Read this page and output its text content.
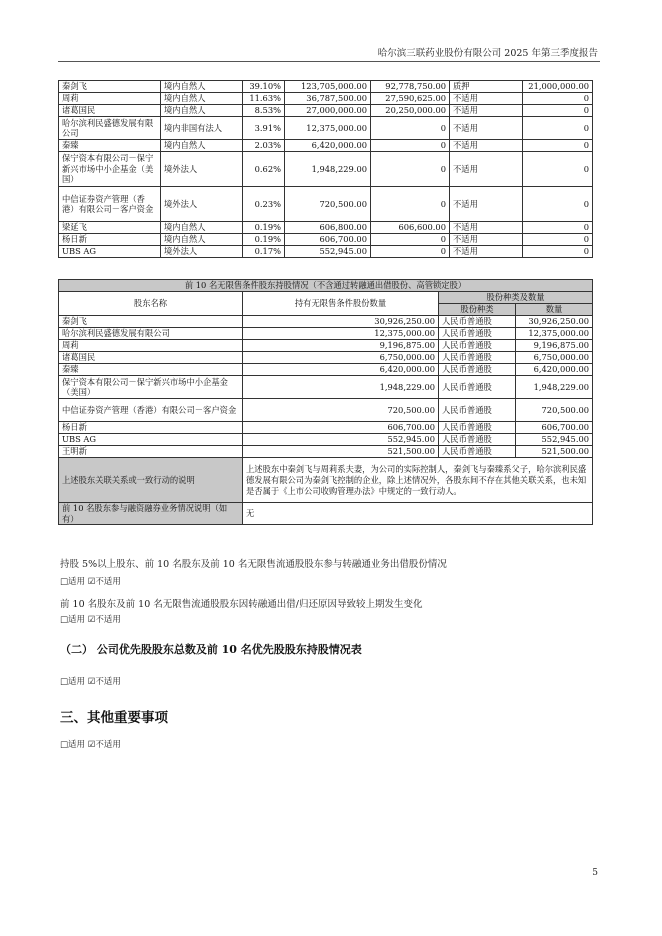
哈尔滨三联药业股份有限公司 2025 年第三季度报告
秦剑飞	境内自然人	39.10%	123,705,000.00	92,778,750.00	质押	21,000,000.00
周莉	境内自然人	11.63%	36,787,500.00	27,590,625.00	不适用	0
诸葛国民	境内自然人	8.53%	27,000,000.00	20,250,000.00	不适用	0
哈尔滨利民盛德发展有限公司	境内非国有法人	3.91%	12,375,000.00	0	不适用	0
秦臻	境内自然人	2.03%	6,420,000.00	0	不适用	0
保宁资本有限公司－保宁新兴市场中小企基金（美国）	境外法人	0.62%	1,948,229.00	0	不适用	0
中信证券资产管理（香港）有限公司－客户资金	境外法人	0.23%	720,500.00	0	不适用	0
梁延飞	境内自然人	0.19%	606,800.00	606,600.00	不适用	0
杨日新	境内自然人	0.19%	606,700.00	0	不适用	0
UBS AG	境外法人	0.17%	552,945.00	0	不适用	0
前 10 名无限售条件股东持股情况（不含通过转融通出借股份、高管锁定股）			
股东名称	持有无限售条件股份数量	股份种类及数量	
		股份种类	数量
秦剑飞	30,926,250.00	人民币普通股	30,926,250.00
哈尔滨利民盛德发展有限公司	12,375,000.00	人民币普通股	12,375,000.00
周莉	9,196,875.00	人民币普通股	9,196,875.00
诸葛国民	6,750,000.00	人民币普通股	6,750,000.00
秦臻	6,420,000.00	人民币普通股	6,420,000.00
保宁资本有限公司－保宁新兴市场中小企基金（美国）	1,948,229.00	人民币普通股	1,948,229.00
中信证券资产管理（香港）有限公司－客户资金	720,500.00	人民币普通股	720,500.00
杨日新	606,700.00	人民币普通股	606,700.00
UBS AG	552,945.00	人民币普通股	552,945.00
王明新	521,500.00	人民币普通股	521,500.00
上述股东关联关系或一致行动的说明	上述股东中秦剑飞与周莉系夫妻，为公司的实际控制人，秦剑飞与秦臻系父子，哈尔滨利民盛德发展有限公司为秦剑飞控制的企业，除上述情况外，各股东间不存在其他关联关系，也未知是否属于《上市公司收购管理办法》中规定的一致行动人。		
前 10 名股东参与融资融券业务情况说明（如有）	无		
持股 5%以上股东、前 10 名股东及前 10 名无限售流通股股东参与转融通业务出借股份情况
□适用 ☑不适用
前 10 名股东及前 10 名无限售流通股股东因转融通出借/归还原因导致较上期发生变化
□适用 ☑不适用
（二） 公司优先股股东总数及前 10 名优先股股东持股情况表
□适用 ☑不适用
三、其他重要事项
□适用 ☑不适用
5
